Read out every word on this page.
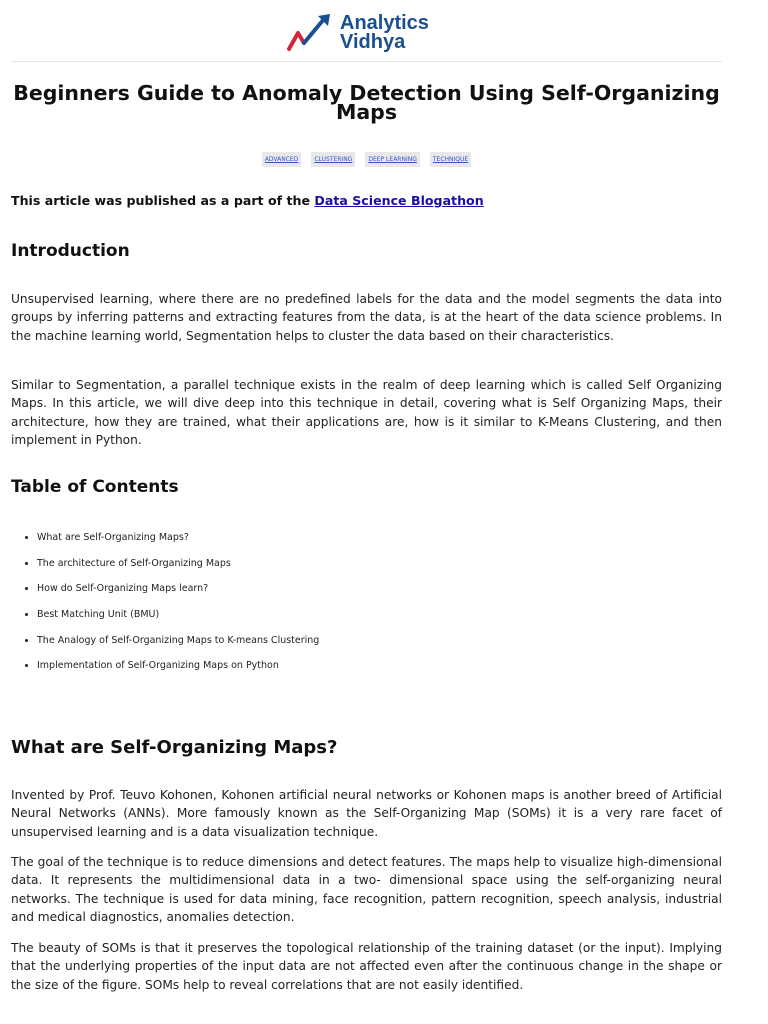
Analytics
Vidhya
Beginners Guide to Anomaly Detection Using Self-Organizing Maps
ADVANCED	CLUSTERING	DEEP LEARNING	TECHNIQUE

This article was published as a part of the Data Science Blogathon

Introduction

Unsupervised learning, where there are no predefined labels for the data and the model segments the data into groups by inferring patterns and extracting features from the data, is at the heart of the data science problems. In the machine learning world, Segmentation helps to cluster the data based on their characteristics.

Similar to Segmentation, a parallel technique exists in the realm of deep learning which is called Self Organizing Maps. In this article, we will dive deep into this technique in detail, covering what is Self Organizing Maps, their architecture, how they are trained, what their applications are, how is it similar to K-Means Clustering, and then implement in Python.

Table of Contents
• What are Self-Organizing Maps?
• The architecture of Self-Organizing Maps
• How do Self-Organizing Maps learn?
• Best Matching Unit (BMU)
• The Analogy of Self-Organizing Maps to K-means Clustering
• Implementation of Self-Organizing Maps on Python
What are Self-Organizing Maps?

Invented by Prof. Teuvo Kohonen, Kohonen artificial neural networks or Kohonen maps is another breed of Artificial Neural Networks (ANNs). More famously known as the Self-Organizing Map (SOMs) it is a very rare facet of unsupervised learning and is a data visualization technique.

The goal of the technique is to reduce dimensions and detect features. The maps help to visualize high-dimensional data. It represents the multidimensional data in a two- dimensional space using the self-organizing neural networks. The technique is used for data mining, face recognition, pattern recognition, speech analysis, industrial and medical diagnostics, anomalies detection.

The beauty of SOMs is that it preserves the topological relationship of the training dataset (or the input). Implying that the underlying properties of the input data are not affected even after the continuous change in the shape or the size of the figure. SOMs help to reveal correlations that are not easily identified.
